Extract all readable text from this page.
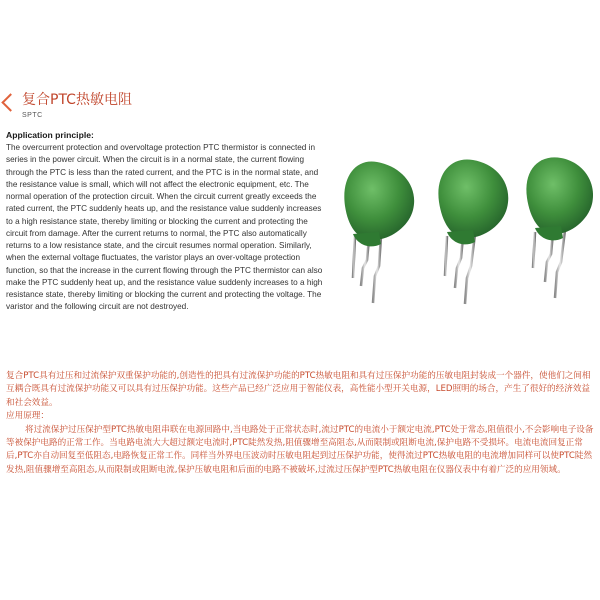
复合PTC热敏电阻
SPTC
Application principle:

The overcurrent protection and overvoltage protection PTC thermistor is connected in series in the power circuit. When the circuit is in a normal state, the current flowing through the PTC is less than the rated current, and the PTC is in the normal state, and the resistance value is small, which will not affect the electronic equipment, etc. The normal operation of the protection circuit. When the circuit current greatly exceeds the rated current, the PTC suddenly heats up, and the resistance value suddenly increases to a high resistance state, thereby limiting or blocking the current and protecting the circuit from damage. After the current returns to normal, the PTC also automatically returns to a low resistance state, and the circuit resumes normal operation. Similarly, when the external voltage fluctuates, the varistor plays an over-voltage protection function, so that the increase in the current flowing through the PTC thermistor can also make the PTC suddenly heat up, and the resistance value suddenly increases to a high resistance state, thereby limiting or blocking the current and protecting the voltage. The varistor and the following circuit are not destroyed.

复合PTC具有过压和过流保护双重保护功能的,创造性的把具有过流保护功能的PTC热敏电阻和具有过压保护功能的压敏电阻封装成一个器件，使他们之间相互耦合既具有过流保护功能又可以具有过压保护功能。这些产品已经广泛应用于智能仪表，高性能小型开关电源，LED照明的场合，产生了很好的经济效益和社会效益。

应用原理：

将过流保护过压保护型PTC热敏电阻串联在电源回路中,当电路处于正常状态时,流过PTC的电流小于额定电流,PTC处于常态,阻值很小,不会影响电子设备等被保护电路的正常工作。当电路电流大大超过额定电流时,PTC陡然发热,阻值骤增至高阻态,从而限制或阻断电流,保护电路不受损坏。电流电流回复正常后,PTC亦自动回复至低阻态,电路恢复正常工作。同样当外界电压波动时压敏电阻起到过压保护功能，使得流过PTC热敏电阻的电流增加同样可以使PTC陡然发热,阻值骤增至高阻态,从而限制或阻断电流,保护压敏电阻和后面的电路不被破坏,过流过压保护型PTC热敏电阻在仪器仪表中有着广泛的应用领域。
